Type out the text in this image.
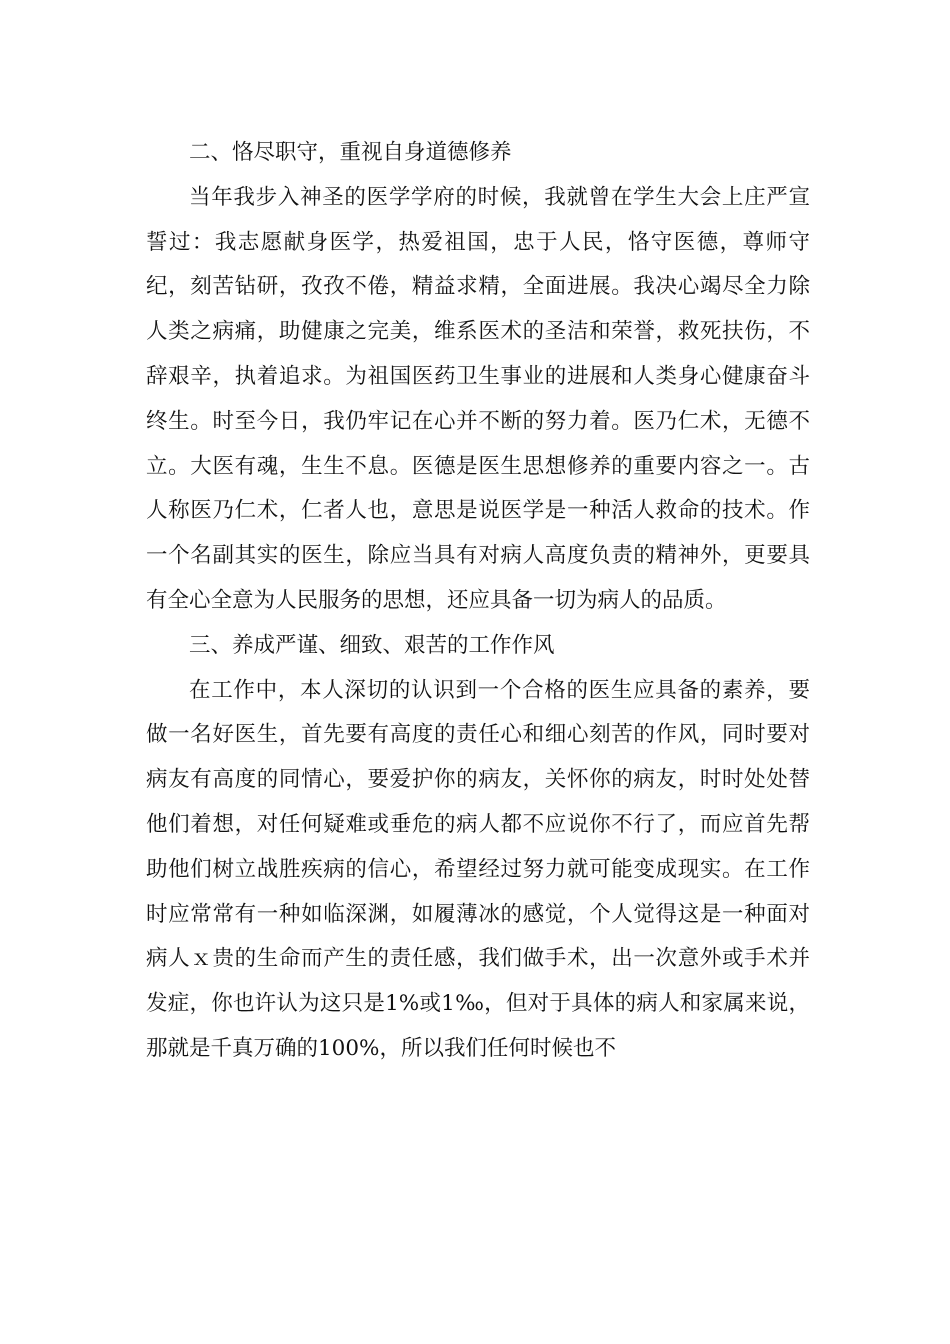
二、恪尽职守，重视自身道德修养

当年我步入神圣的医学学府的时候，我就曾在学生大会上庄严宣誓过：我志愿献身医学，热爱祖国，忠于人民，恪守医德，尊师守纪，刻苦钻研，孜孜不倦，精益求精，全面进展。我决心竭尽全力除人类之病痛，助健康之完美，维系医术的圣洁和荣誉，救死扶伤，不辞艰辛，执着追求。为祖国医药卫生事业的进展和人类身心健康奋斗终生。时至今日，我仍牢记在心并不断的努力着。医乃仁术，无德不立。大医有魂，生生不息。医德是医生思想修养的重要内容之一。古人称医乃仁术，仁者人也，意思是说医学是一种活人救命的技术。作一个名副其实的医生，除应当具有对病人高度负责的精神外，更要具有全心全意为人民服务的思想，还应具备一切为病人的品质。

三、养成严谨、细致、艰苦的工作作风

在工作中，本人深切的认识到一个合格的医生应具备的素养，要做一名好医生，首先要有高度的责任心和细心刻苦的作风，同时要对病友有高度的同情心，要爱护你的病友，关怀你的病友，时时处处替他们着想，对任何疑难或垂危的病人都不应说你不行了，而应首先帮助他们树立战胜疾病的信心，希望经过努力就可能变成现实。在工作时应常常有一种如临深渊，如履薄冰的感觉，个人觉得这是一种面对病人ｘ贵的生命而产生的责任感，我们做手术，出一次意外或手术并发症，你也许认为这只是1%或1‰，但对于具体的病人和家属来说，那就是千真万确的100%，所以我们任何时候也不
